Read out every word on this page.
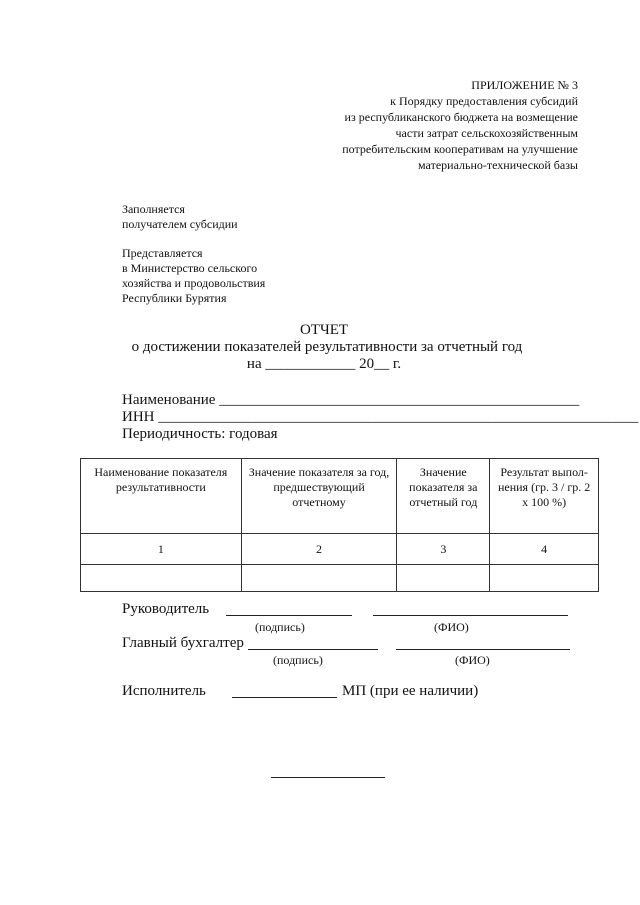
ПРИЛОЖЕНИЕ № 3
к Порядку предоставления субсидий
из республиканского бюджета на возмещение
части затрат сельскохозяйственным
потребительским кооперативам на улучшение
материально-технической базы
Заполняется
получателем субсидии
Представляется
в Министерство сельского
хозяйства и продовольствия
Республики Бурятия
ОТЧЕТ
о достижении показателей результативности за отчетный год
на ____________ 20__ г.
Наименование ________________________________________________
ИНН ________________________________________________________________
Периодичность: годовая
Наименование показателя результативности	Значение показателя за год, предшествующий отчетному	Значение показателя за отчетный год	Результат выпол-нения (гр. 3 / гр. 2 х 100 %)
1	2	3	4

Руководитель
(подпись)	(ФИО)
Главный бухгалтер
(подпись)	(ФИО)
Исполнитель	МП (при ее наличии)
